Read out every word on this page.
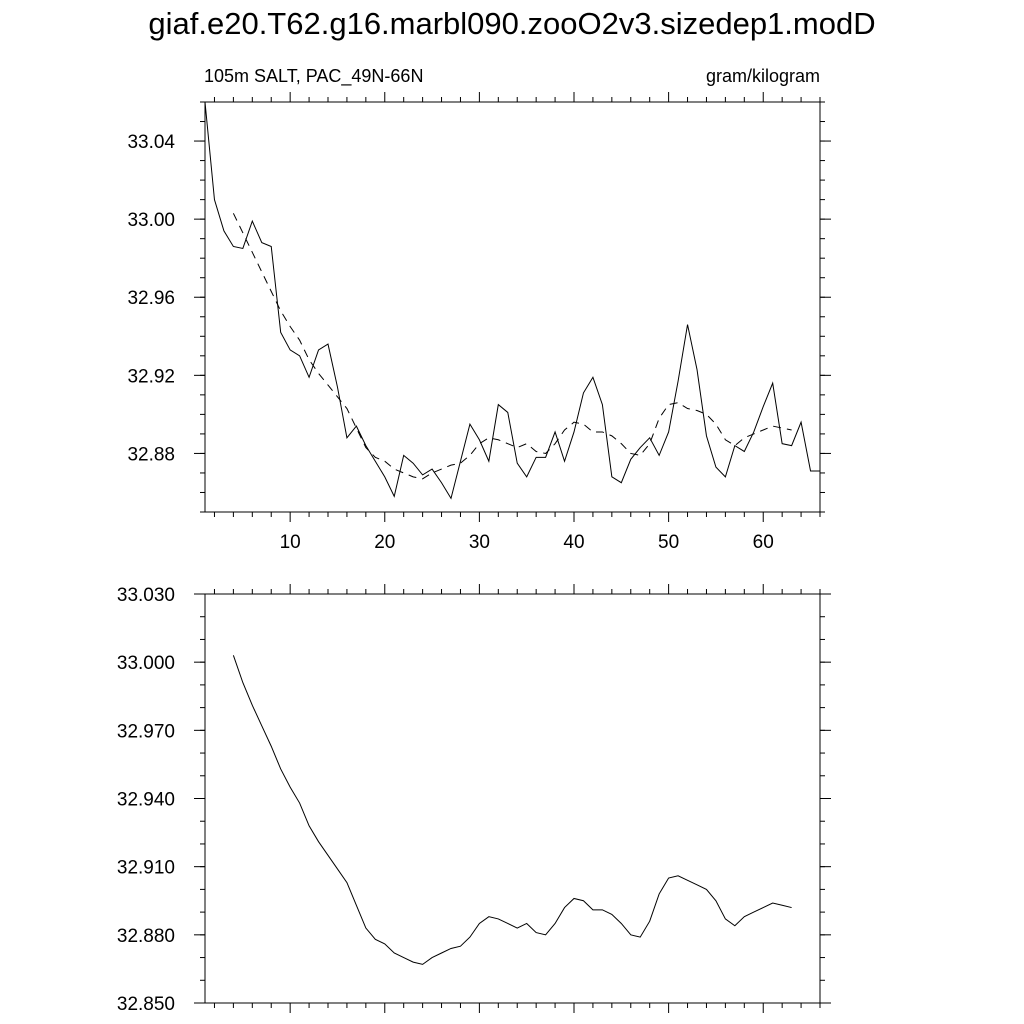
giaf.e20.T62.g16.marbl090.zooO2v3.sizedep1.modD
105m SALT, PAC_49N-66N	gram/kilogram
10	20	30	40	50	60
32.88
32.92
32.96
33.00
33.04
32.850
32.880
32.910
32.940
32.970
33.000
33.030
